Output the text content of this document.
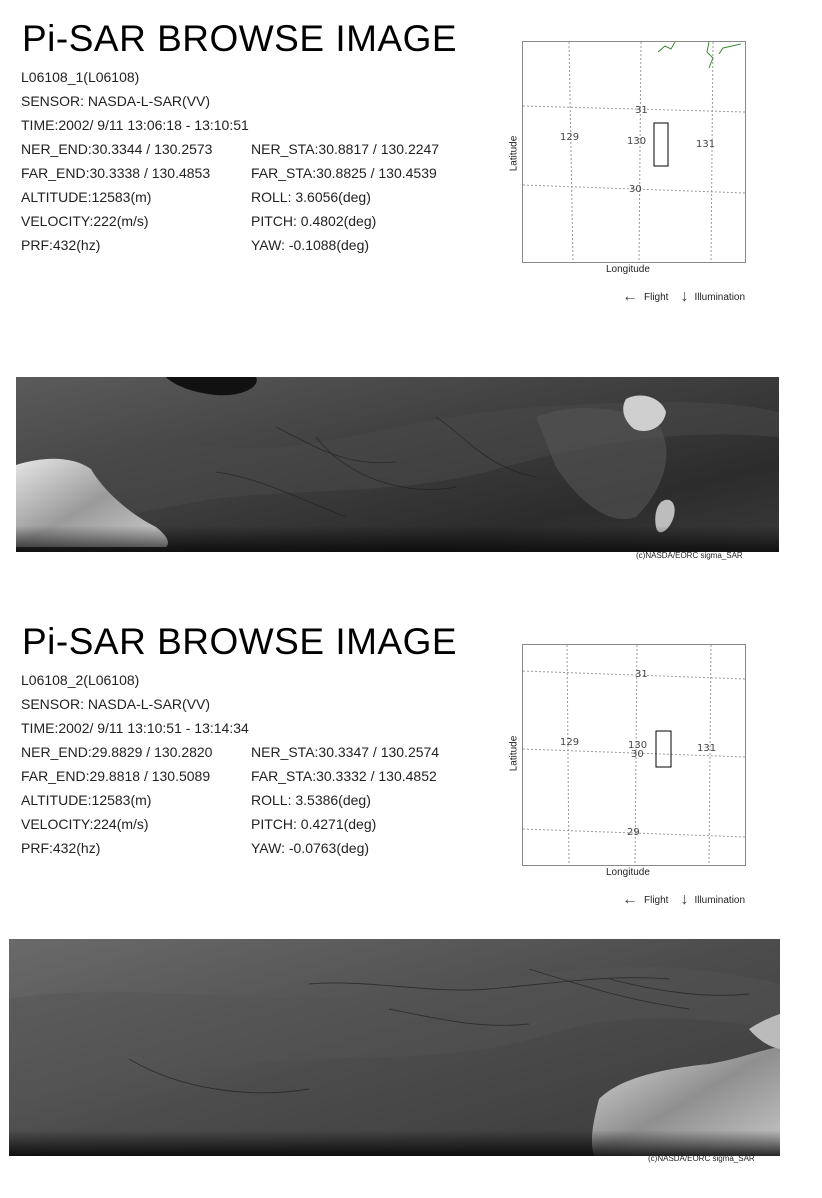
Pi-SAR BROWSE IMAGE
L06108_1(L06108)
SENSOR: NASDA-L-SAR(VV)
TIME:2002/ 9/11 13:06:18 - 13:10:51
NER_END:30.3344 / 130.2573	NER_STA:30.8817 / 130.2247
FAR_END:30.3338 / 130.4853	FAR_STA:30.8825 / 130.4539
ALTITUDE:12583(m)	ROLL: 3.6056(deg)
VELOCITY:222(m/s)	PITCH: 0.4802(deg)
PRF:432(hz)	YAW: -0.1088(deg)
Latitude
31
129	130	131
30
Longitude
← Flight ↓ Illumination
(c)NASDA/EORC sigma_SAR
Pi-SAR BROWSE IMAGE
L06108_2(L06108)
SENSOR: NASDA-L-SAR(VV)
TIME:2002/ 9/11 13:10:51 - 13:14:34
NER_END:29.8829 / 130.2820	NER_STA:30.3347 / 130.2574
FAR_END:29.8818 / 130.5089	FAR_STA:30.3332 / 130.4852
ALTITUDE:12583(m)	ROLL: 3.5386(deg)
VELOCITY:224(m/s)	PITCH: 0.4271(deg)
PRF:432(hz)	YAW: -0.0763(deg)
Latitude
31
129	130
30
131
29
Longitude
← Flight ↓ Illumination
(c)NASDA/EORC sigma_SAR
